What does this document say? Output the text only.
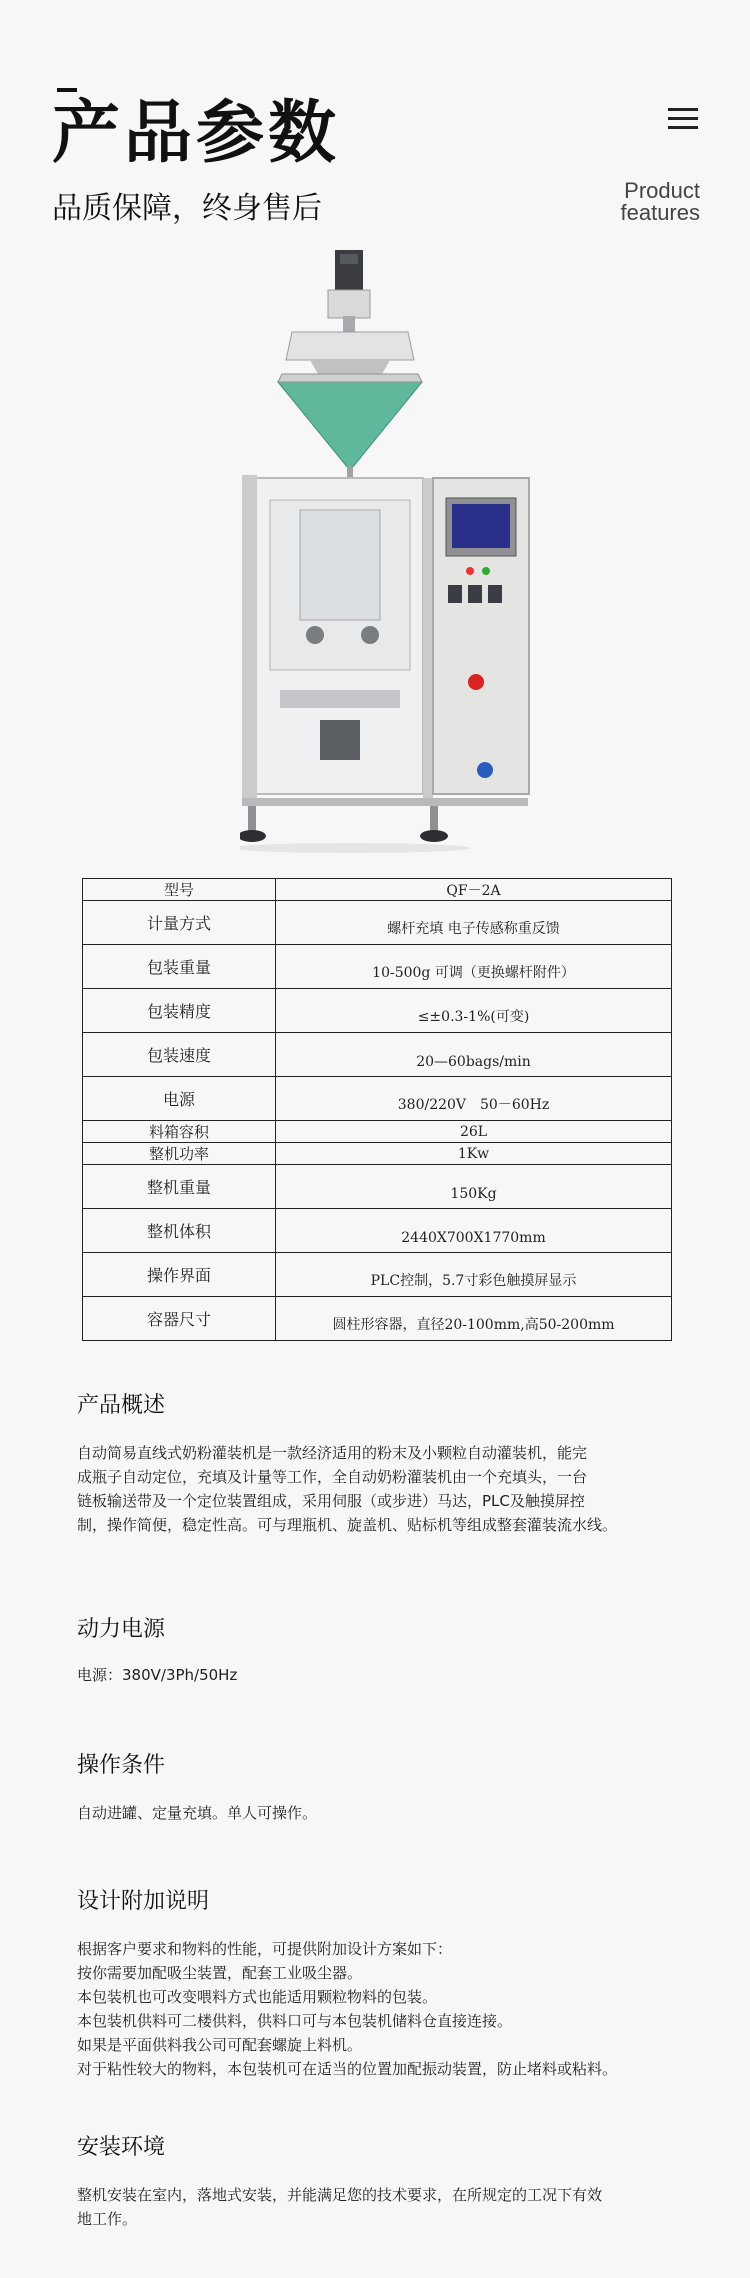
产品参数
品质保障，终身售后
Product
features
型号	QF－2A
计量方式	螺杆充填 电子传感称重反馈
包装重量	10-500g 可调（更换螺杆附件）
包装精度	≤±0.3-1%(可变)
包装速度	20—60bags/min
电源	380/220V　50－60Hz
料箱容积	26L
整机功率	1Kw
整机重量	150Kg
整机体积	2440X700X1770mm
操作界面	PLC控制，5.7寸彩色触摸屏显示
容器尺寸	圆柱形容器，直径20-100mm,高50-200mm
产品概述

自动简易直线式奶粉灌装机是一款经济适用的粉末及小颗粒自动灌装机，能完

成瓶子自动定位，充填及计量等工作，全自动奶粉灌装机由一个充填头，一台

链板输送带及一个定位装置组成，采用伺服（或步进）马达，PLC及触摸屏控

制，操作简便，稳定性高。可与理瓶机、旋盖机、贴标机等组成整套灌装流水线。

动力电源

电源：380V/3Ph/50Hz

操作条件

自动进罐、定量充填。单人可操作。

设计附加说明

根据客户要求和物料的性能，可提供附加设计方案如下：

按你需要加配吸尘装置，配套工业吸尘器。

本包装机也可改变喂料方式也能适用颗粒物料的包装。

本包装机供料可二楼供料，供料口可与本包装机储料仓直接连接。

如果是平面供料我公司可配套螺旋上料机。

对于粘性较大的物料，本包装机可在适当的位置加配振动装置，防止堵料或粘料。

安装环境

整机安装在室内，落地式安装，并能满足您的技术要求，在所规定的工况下有效

地工作。
